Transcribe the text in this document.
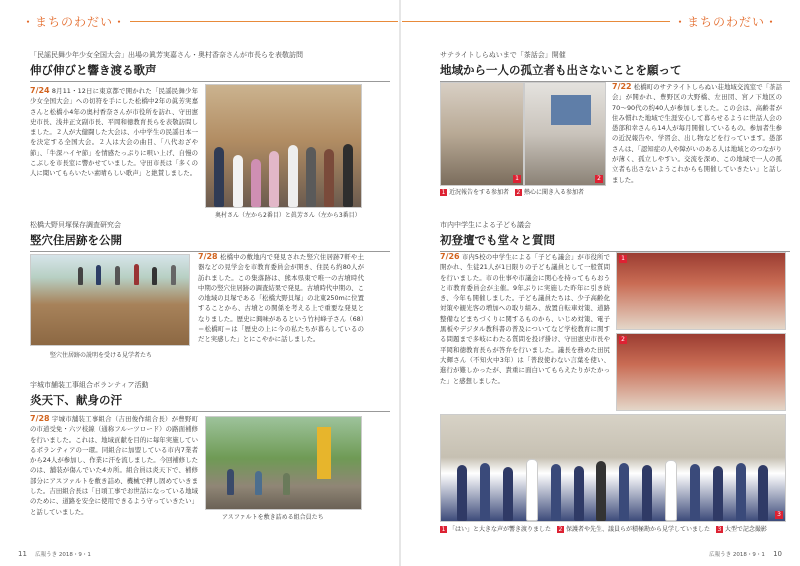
・まちのわだい・
「民謡民舞少年少女全国大会」出場の眞芳実嘉さん・奥村香奈さんが市長らを表敬訪問
伸び伸びと響き渡る歌声
7/24 8月11・12日に東京都で開かれた「民謡民舞少年少女全国大会」への切符を手にした松橋中2年の眞芳実嘉さんと松橋小4年の奥村香奈さんが市役所を訪れ、守田憲史市長、浅井正文副市長、平岡和徳教育長らを表敬訪問しました。２人が大健闘した大会は、小中学生の民謡日本一を決定する全国大会。２人は大会の曲目、「八代おざや節」、「牛深ハイヤ節」を情感たっぷりに唄い上げ、自慢のこぶしを市長室に響かせていました。守田市長は「多くの人に聞いてもらいたい素晴らしい歌声」と絶賛しました。
奥村さん（左から2番目）と眞芳さん（左から3番目）
松橋大野貝塚保存調査研究会
竪穴住居跡を公開
竪穴住居跡の説明を受ける見学者たち
7/28 松橋中の敷地内で発見された竪穴住居跡7軒や土器などの見学会を市教育委員会が開き、住民ら約80人が訪れました。この集落跡は、熊本県東で唯一の古墳時代中期の竪穴住居跡の調査結果で発見。古墳時代中期の、この地域の貝塚である「松橋大野貝塚」の北東250mに位置することから、古墳との関係を考える上で重要な発見となりました。歴史に興味があるという竹村峰子さん（68）＝松橋町＝は「歴史の上に今の私たちが暮らしているのだと実感した」とにこやかに話しました。
宇城市舗装工事組合ボランティア活動
炎天下、献身の汗
7/28 宇城市舗装工事組合（吉田俊作組合長）が豊野町の市道受免・六ツ枝線（通称フルーツロード）の路面補修を行いました。これは、地域貢献を目的に毎年実施しているボランティアの一環。同組合に加盟している市内7業者から24人が参加し、作業に汗を流しました。今回補修したのは、舗装が傷んでいた4カ所。組合員は炎天下で、補修部分にアスファルトを敷き詰め、機械で押し固めていきました。吉田組合長は「日頃工事でお世話になっている地域のために、道路を安全に使用できるよう守っていきたい」と話していました。
アスファルトを敷き詰める組合員たち
11 広報うき 2018・9・1
・まちのわだい・
サテライトしらぬいまで「茶話会」開催
地域から一人の孤立者も出さないことを願って
1	2
1 近況報告をする参加者 2 熱心に聞き入る参加者
7/22 松橋町のサテライトしらぬい荘地域交流室で「茶話会」が開かれ、豊野区の大野橋、左田団、宮ノ下地区の70〜90代の約40人が参加しました。この会は、高齢者が住み慣れた地域で生涯安心して暮らせるように世話人会の愚部和幸さんら14人が毎月開催しているもの。参加者生参の近況報告や、学習会、出し物などを行っています。愚部さんは、「認知症の人や障がいのある人は地域とのつながりが薄く、孤立しやすい。交流を深め、この地域で一人の孤立者も出さないようこれからも開催していきたい」と話しました。
市内中学生による子ども議会
初登壇でも堂々と質問
7/26 市内5校の中学生による「子ども議会」が市役所で開かれ、生徒21人が1日限りの子ども議員として一般質問を行いました。市の仕事や市議会に関心を持ってもらおうと市教育委員会が主催。9年ぶりに実施した昨年に引き続き、今年も開催しました。子ども議員たちは、少子高齢化対策や観光客の増加への取り組み、放置自転車対策、道路整備などまちづくりに関するものから、いじめ対策、電子黒板やデジタル教科書の普及についてなど学校教育に関する問題まで多岐にわたる質問を投げ掛け、守田憲史市長や平岡和徳教育長らが答弁を行いました。議長を務めた田尻大輝さん（不知火中3年）は「普段使わない言葉を使い、進行が難しかったが、貴重に面白いてもらえたりがたかった」と感想しました。
1
2
3
1 「はい」と大きな声が響き渡りました 2 保護者や先生、議員らが積極勘から見学していました 3 大型で記念撮影
広報うき 2018・9・1 10
